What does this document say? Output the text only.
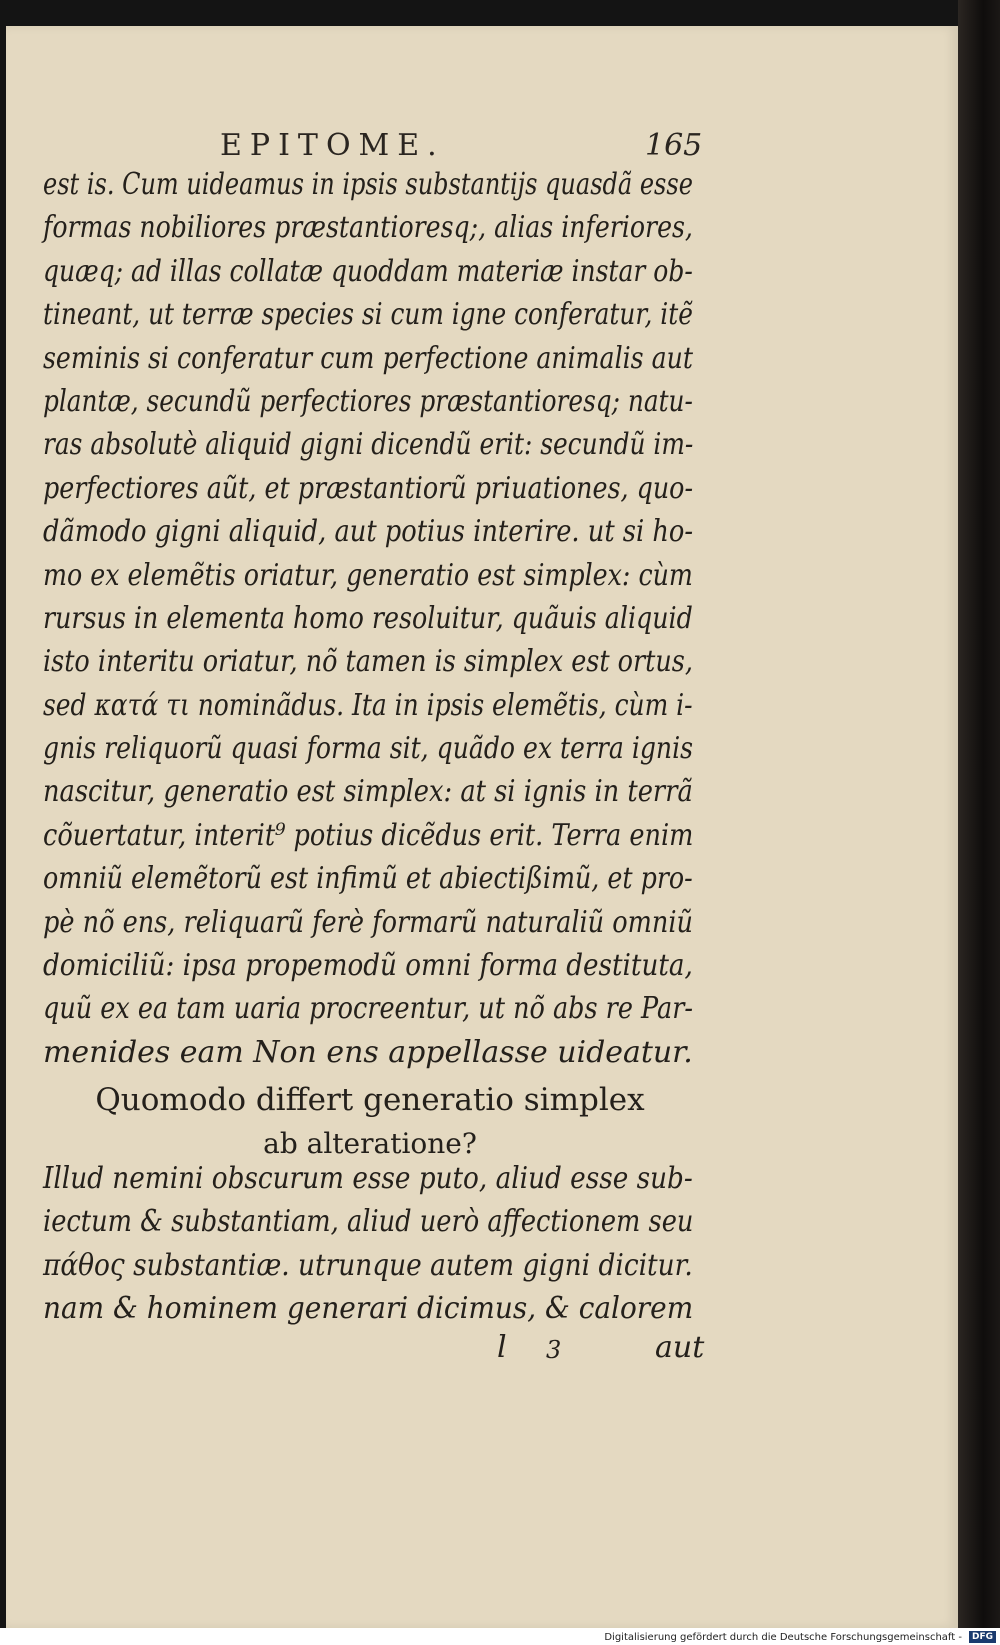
EPITOME.	165
est is. Cum uideamus in ipsis substantijs quasdã esse
formas nobiliores præstantioresq;, alias inferiores,
quæq; ad illas collatæ quoddam materiæ instar ob-
tineant, ut terræ species si cum igne conferatur, itẽ
seminis si conferatur cum perfectione animalis aut
plantæ, secundũ perfectiores præstantioresq; natu-
ras absolutè aliquid gigni dicendũ erit: secundũ im-
perfectiores aũt, et præstantiorũ priuationes, quo-
dãmodo gigni aliquid, aut potius interire. ut si ho-
mo ex elemẽtis oriatur, generatio est simplex: cùm
rursus in elementa homo resoluitur, quãuis aliquid
isto interitu oriatur, nõ tamen is simplex est ortus,
sed κατά τι nominãdus. Ita in ipsis elemẽtis, cùm i-
gnis reliquorũ quasi forma sit, quãdo ex terra ignis
nascitur, generatio est simplex: at si ignis in terrã
cõuertatur, interit⁹ potius dicẽdus erit. Terra enim
omniũ elemẽtorũ est infimũ et abiectißimũ, et pro-
pè nõ ens, reliquarũ ferè formarũ naturaliũ omniũ
domiciliũ: ipsa propemodũ omni forma destituta,
quũ ex ea tam uaria procreentur, ut nõ abs re Par-
menides eam Non ens appellasse uideatur.
Quomodo differt generatio simplex
ab alteratione?
Illud nemini obscurum esse puto, aliud esse sub-
iectum & substantiam, aliud uerò affectionem seu
πάθος substantiæ. utrunque autem gigni dicitur.
nam & hominem generari dicimus, & calorem
l 3	aut
Digitalisierung gefördert durch die Deutsche Forschungsgemeinschaft -	DFG
